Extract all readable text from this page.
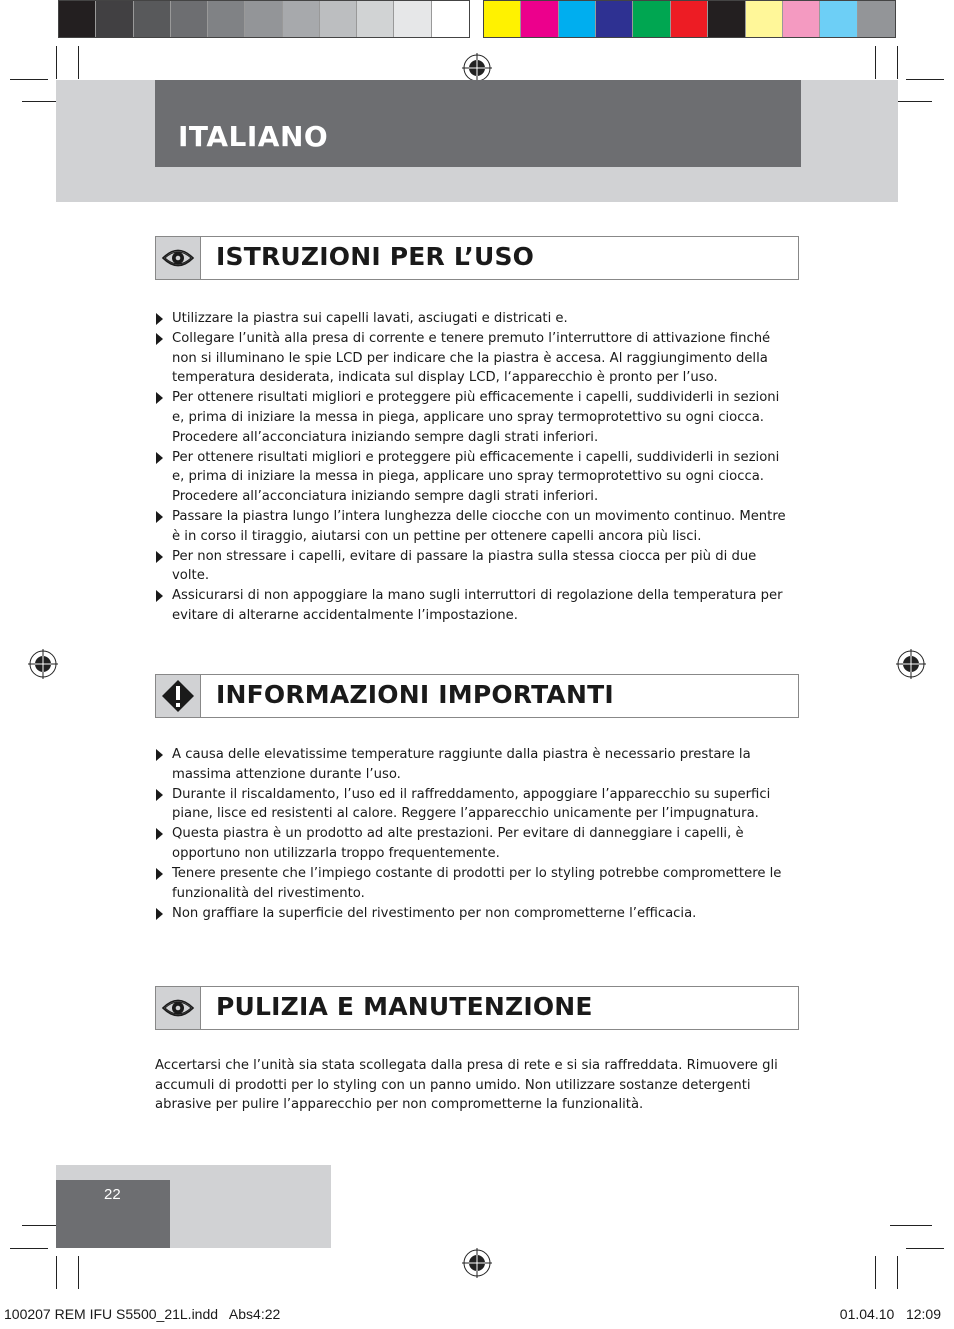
ITALIANO
ISTRUZIONI PER L’USO
Utilizzare la piastra sui capelli lavati, asciugati e districati e.
Collegare l’unità alla presa di corrente e tenere premuto l’interruttore di attivazione finché non si illuminano le spie LCD per indicare che la piastra è accesa. Al raggiungimento della temperatura desiderata, indicata sul display LCD, l‘apparecchio è pronto per l’uso.
Per ottenere risultati migliori e proteggere più efficacemente i capelli, suddividerli in sezioni e, prima di iniziare la messa in piega, applicare uno spray termoprotettivo su ogni ciocca. Procedere all’acconciatura iniziando sempre dagli strati inferiori.
Per ottenere risultati migliori e proteggere più efficacemente i capelli, suddividerli in sezioni e, prima di iniziare la messa in piega, applicare uno spray termoprotettivo su ogni ciocca. Procedere all’acconciatura iniziando sempre dagli strati inferiori.
Passare la piastra lungo l’intera lunghezza delle ciocche con un movimento continuo. Mentre è in corso il tiraggio, aiutarsi con un pettine per ottenere capelli ancora più lisci.
Per non stressare i capelli, evitare di passare la piastra sulla stessa ciocca per più di due volte.
Assicurarsi di non appoggiare la mano sugli interruttori di regolazione della temperatura per evitare di alterarne accidentalmente l’impostazione.
INFORMAZIONI IMPORTANTI
A causa delle elevatissime temperature raggiunte dalla piastra è necessario prestare la massima attenzione durante l’uso.
Durante il riscaldamento, l’uso ed il raffreddamento, appoggiare l’apparecchio su superfici piane, lisce ed resistenti al calore. Reggere l’apparecchio unicamente per l’impugnatura.
Questa piastra è un prodotto ad alte prestazioni. Per evitare di danneggiare i capelli, è opportuno non utilizzarla troppo frequentemente.
Tenere presente che l’impiego costante di prodotti per lo styling potrebbe compromettere le funzionalità del rivestimento.
Non graffiare la superficie del rivestimento per non comprometterne l’efficacia.
PULIZIA E MANUTENZIONE
Accertarsi che l’unità sia stata scollegata dalla presa di rete e si sia raffreddata. Rimuovere gli accumuli di prodotti per lo styling con un panno umido. Non utilizzare sostanze detergenti abrasive per pulire l’apparecchio per non comprometterne la funzionalità.
22
100207 REM IFU S5500_21L.indd   Abs4:22	01.04.10   12:09
